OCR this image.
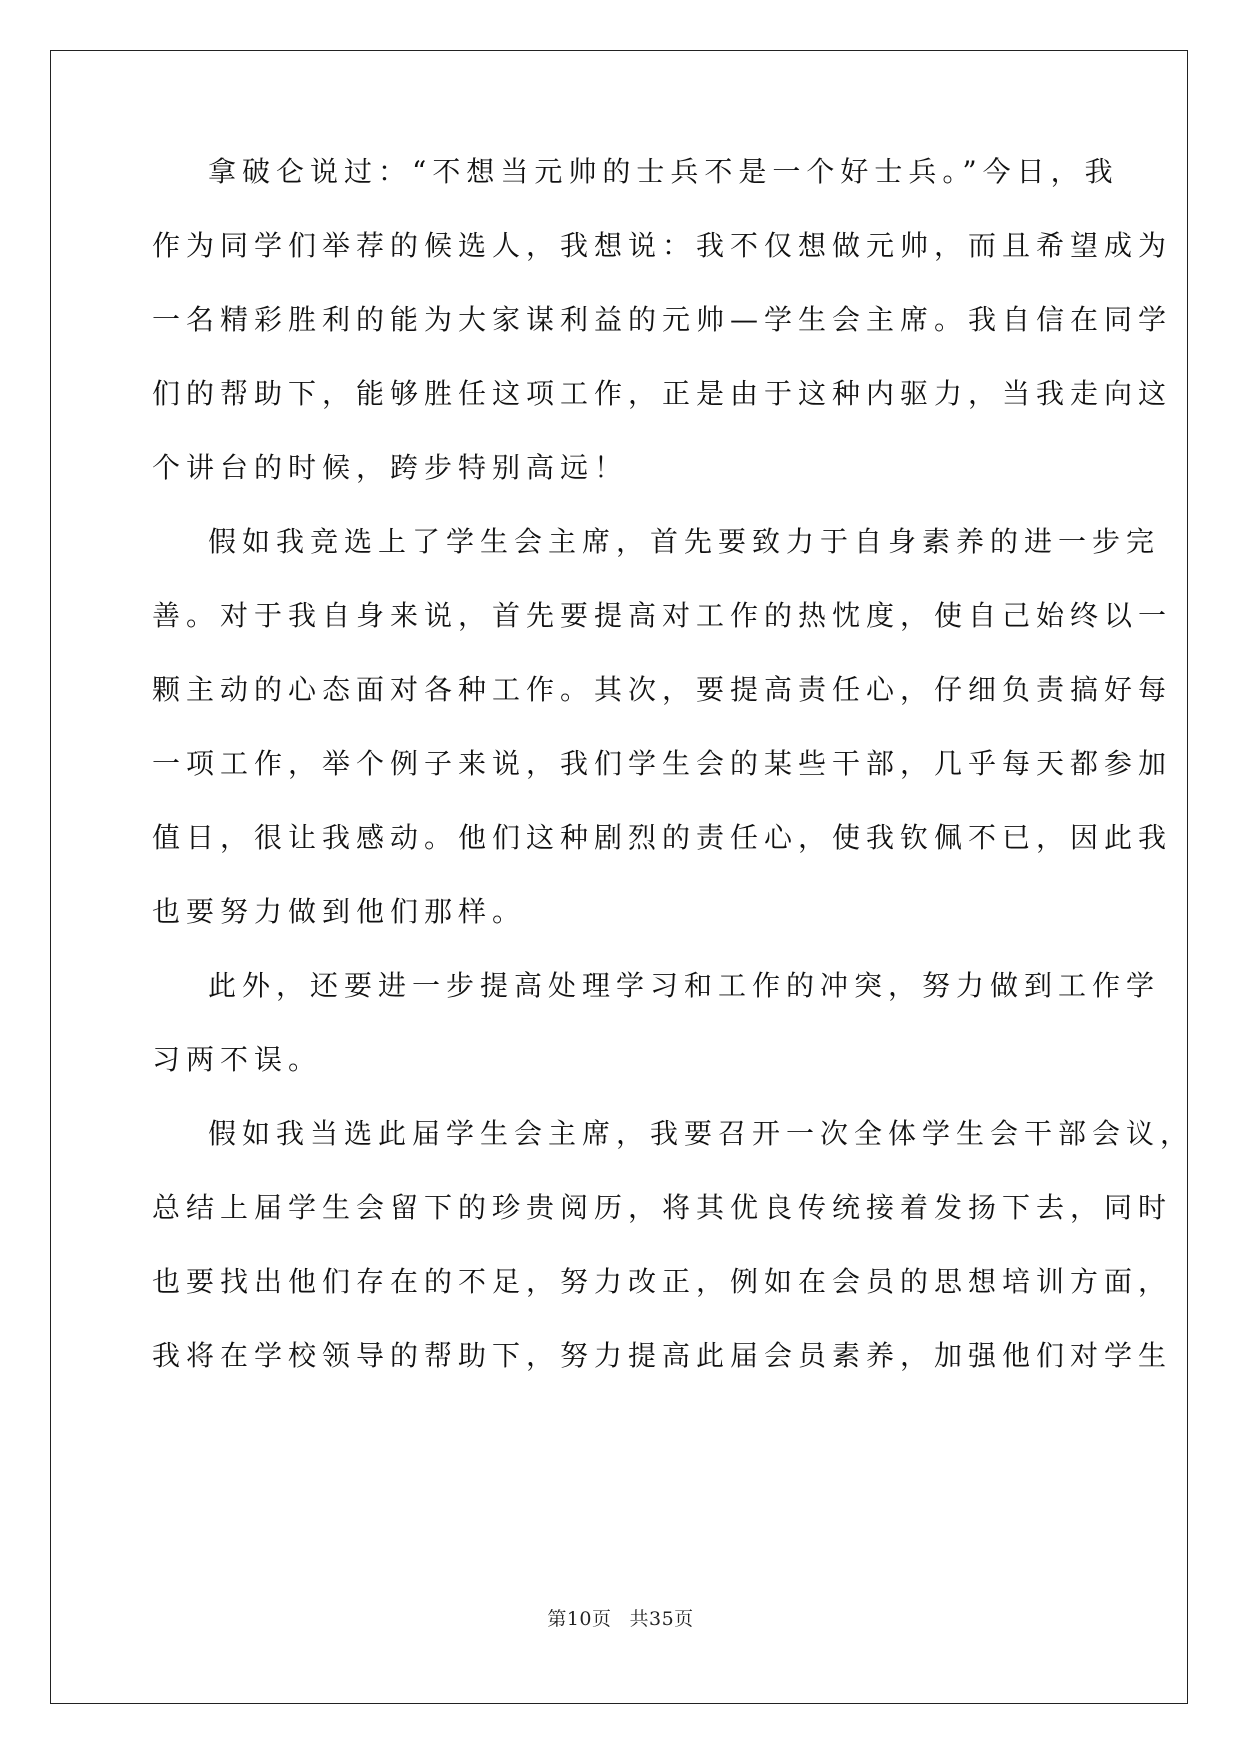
拿破仑说过：“不想当元帅的士兵不是一个好士兵。”今日，我
作为同学们举荐的候选人，我想说：我不仅想做元帅，而且希望成为
一名精彩胜利的能为大家谋利益的元帅—学生会主席。我自信在同学
们的帮助下，能够胜任这项工作，正是由于这种内驱力，当我走向这
个讲台的时候，跨步特别高远！
假如我竞选上了学生会主席，首先要致力于自身素养的进一步完
善。对于我自身来说，首先要提高对工作的热忱度，使自己始终以一
颗主动的心态面对各种工作。其次，要提高责任心，仔细负责搞好每
一项工作，举个例子来说，我们学生会的某些干部，几乎每天都参加
值日，很让我感动。他们这种剧烈的责任心，使我钦佩不已，因此我
也要努力做到他们那样。
此外，还要进一步提高处理学习和工作的冲突，努力做到工作学
习两不误。
假如我当选此届学生会主席，我要召开一次全体学生会干部会议，
总结上届学生会留下的珍贵阅历，将其优良传统接着发扬下去，同时
也要找出他们存在的不足，努力改正，例如在会员的思想培训方面，
我将在学校领导的帮助下，努力提高此届会员素养，加强他们对学生
第10页 共35页
